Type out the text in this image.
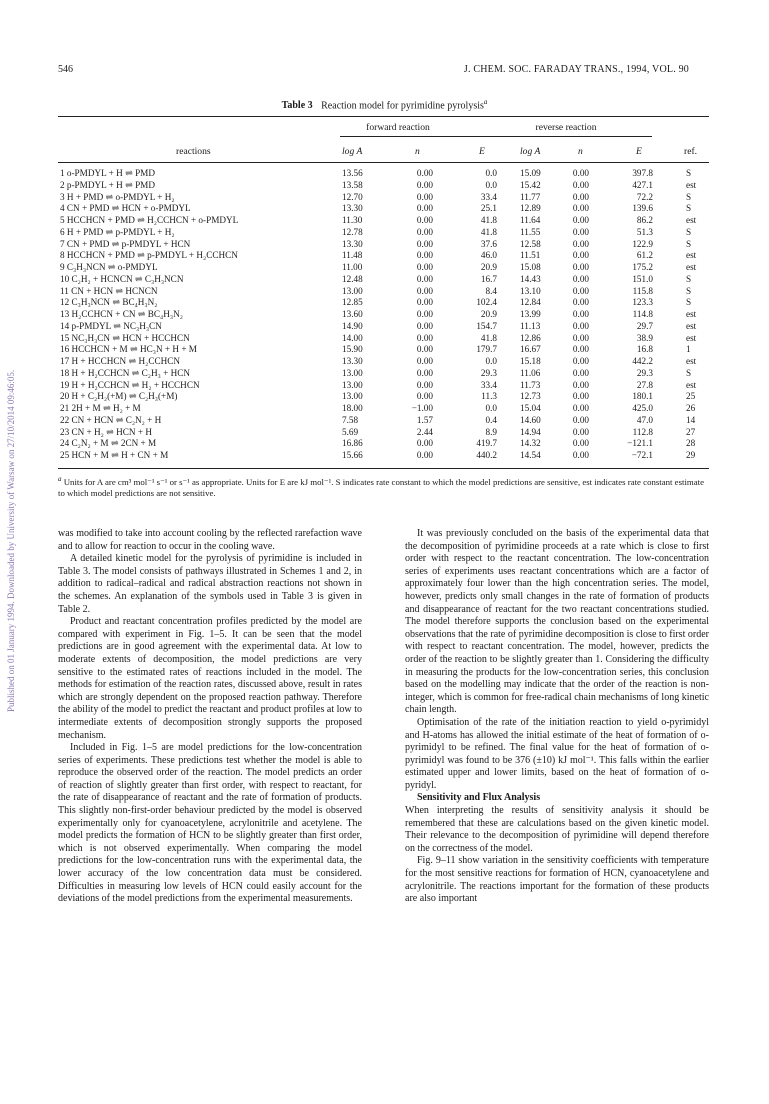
546	J. CHEM. SOC. FARADAY TRANS., 1994, VOL. 90
Published on 01 January 1994. Downloaded by University of Warsaw on 27/10/2014 09:46:05.
Table 3 Reaction model for pyrimidine pyrolysis$^a$
forward reaction	reverse reaction
reactions	log A	n	E	log A	n	E	ref.
1 o-PMDYL + H ⇌ PMD	13.56	0.00	0.0	15.09	0.00	397.8	S
2 p-PMDYL + H ⇌ PMD	13.58	0.00	0.0	15.42	0.00	427.1	est
3 H + PMD ⇌ o-PMDYL + H₂	12.70	0.00	33.4	11.77	0.00	72.2	S
4 CN + PMD ⇌ HCN + o-PMDYL	13.30	0.00	25.1	12.89	0.00	139.6	S
5 HCCHCN + PMD ⇌ H₂CCHCN + o-PMDYL	11.30	0.00	41.8	11.64	0.00	86.2	est
6 H + PMD ⇌ p-PMDYL + H₂	12.78	0.00	41.8	11.55	0.00	51.3	S
7 CN + PMD ⇌ p-PMDYL + HCN	13.30	0.00	37.6	12.58	0.00	122.9	S
8 HCCHCN + PMD ⇌ p-PMDYL + H₂CCHCN	11.48	0.00	46.0	11.51	0.00	61.2	est
9 C₃H₃NCN ⇌ o-PMDYL	11.00	0.00	20.9	15.08	0.00	175.2	est
10 C₂H₂ + HCNCN ⇌ C₃H₃NCN	12.48	0.00	16.7	14.43	0.00	151.0	S
11 CN + HCN ⇌ HCNCN	13.00	0.00	8.4	13.10	0.00	115.8	S
12 C₃H₃NCN ⇌ BC₄H₃N₂	12.85	0.00	102.4	12.84	0.00	123.3	S
13 H₂CCHCN + CN ⇌ BC₄H₃N₂	13.60	0.00	20.9	13.99	0.00	114.8	est
14 p-PMDYL ⇌ NC₃H₃CN	14.90	0.00	154.7	11.13	0.00	29.7	est
15 NC₃H₃CN ⇌ HCN + HCCHCN	14.00	0.00	41.8	12.86	0.00	38.9	est
16 HCCHCN + M ⇌ HC₃N + H + M	15.90	0.00	179.7	16.67	0.00	16.8	1
17 H + HCCHCN ⇌ H₂CCHCN	13.30	0.00	0.0	15.18	0.00	442.2	est
18 H + H₂CCHCN ⇌ C₂H₃ + HCN	13.00	0.00	29.3	11.06	0.00	29.3	S
19 H + H₂CCHCN ⇌ H₂ + HCCHCN	13.00	0.00	33.4	11.73	0.00	27.8	est
20 H + C₂H₂(+M) ⇌ C₂H₃(+M)	13.00	0.00	11.3	12.73	0.00	180.1	25
21 2H + M ⇌ H₂ + M	18.00	−1.00	0.0	15.04	0.00	425.0	26
22 CN + HCN ⇌ C₂N₂ + H	7.58	1.57	0.4	14.60	0.00	47.0	14
23 CN + H₂ ⇌ HCN + H	5.69	2.44	8.9	14.94	0.00	112.8	27
24 C₂N₂ + M ⇌ 2CN + M	16.86	0.00	419.7	14.32	0.00	−121.1	28
25 HCN + M ⇌ H + CN + M	15.66	0.00	440.2	14.54	0.00	−72.1	29
$^a$ Units for A are cm³ mol⁻¹ s⁻¹ or s⁻¹ as appropriate. Units for E are kJ mol⁻¹. S indicates rate constant to which the model predictions are sensitive, est indicates rate constant estimate to which model predictions are not sensitive.

was modified to take into account cooling by the reflected rarefaction wave and to allow for reaction to occur in the cooling wave.

A detailed kinetic model for the pyrolysis of pyrimidine is included in Table 3. The model consists of pathways illustrated in Schemes 1 and 2, in addition to radical–radical and radical abstraction reactions not shown in the schemes. An explanation of the symbols used in Table 3 is given in Table 2.

Product and reactant concentration profiles predicted by the model are compared with experiment in Fig. 1–5. It can be seen that the model predictions are in good agreement with the experimental data. At low to moderate extents of decomposition, the model predictions are very sensitive to the estimated rates of reactions included in the model. The methods for estimation of the reaction rates, discussed above, result in rates which are strongly dependent on the proposed reaction pathway. Therefore the ability of the model to predict the reactant and product profiles at low to intermediate extents of decomposition strongly supports the proposed mechanism.

Included in Fig. 1–5 are model predictions for the low-concentration series of experiments. These predictions test whether the model is able to reproduce the observed order of the reaction. The model predicts an order of reaction of slightly greater than first order, with respect to reactant, for the rate of disappearance of reactant and the rate of formation of products. This slightly non-first-order behaviour predicted by the model is observed experimentally only for cyanoacetylene, acrylonitrile and acetylene. The model predicts the formation of HCN to be slightly greater than first order, which is not observed experimentally. When comparing the model predictions for the low-concentration runs with the experimental data, the lower accuracy of the low concentration data must be considered. Difficulties in measuring low levels of HCN could easily account for the deviations of the model predictions from the experimental measurements.

It was previously concluded on the basis of the experimental data that the decomposition of pyrimidine proceeds at a rate which is close to first order with respect to the reactant concentration. The low-concentration series of experiments uses reactant concentrations which are a factor of approximately four lower than the high concentration series. The model, however, predicts only small changes in the rate of formation of products and disappearance of reactant for the two reactant concentrations studied. The model therefore supports the conclusion based on the experimental observations that the rate of pyrimidine decomposition is close to first order with respect to reactant concentration. The model, however, predicts the order of the reaction to be slightly greater than 1. Considering the difficulty in measuring the products for the low-concentration series, this conclusion based on the modelling may indicate that the order of the reaction is non-integer, which is common for free-radical chain mechanisms of long kinetic chain length.

Optimisation of the rate of the initiation reaction to yield o-pyrimidyl and H-atoms has allowed the initial estimate of the heat of formation of o-pyrimidyl to be refined. The final value for the heat of formation of o-pyrimidyl was found to be 376 (±10) kJ mol⁻¹. This falls within the earlier estimated upper and lower limits, based on the heat of formation of o-pyridyl.

Sensitivity and Flux Analysis

When interpreting the results of sensitivity analysis it should be remembered that these are calculations based on the given kinetic model. Their relevance to the decomposition of pyrimidine will depend therefore on the correctness of the model.

Fig. 9–11 show variation in the sensitivity coefficients with temperature for the most sensitive reactions for formation of HCN, cyanoacetylene and acrylonitrile. The reactions important for the formation of these products are also important
